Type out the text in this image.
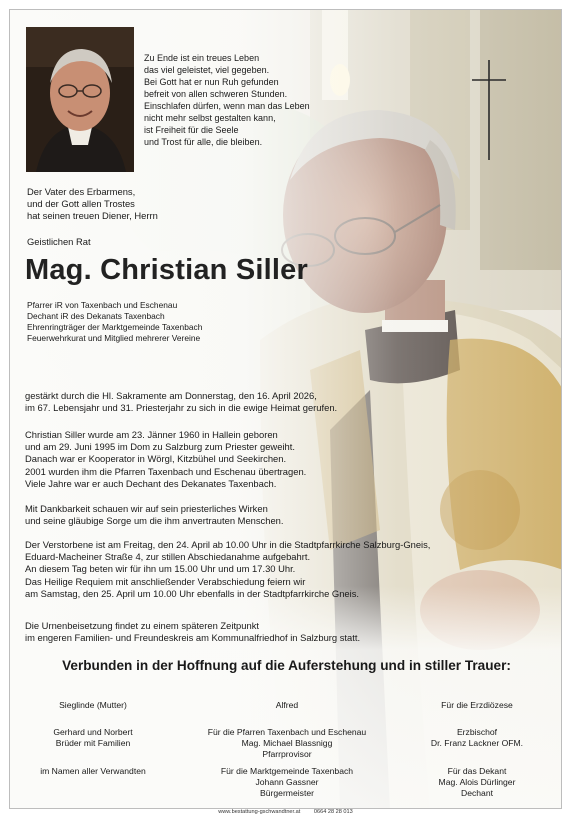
Zu Ende ist ein treues Leben
das viel geleistet, viel gegeben.
Bei Gott hat er nun Ruh gefunden
befreit von allen schweren Stunden.
Einschlafen dürfen, wenn man das Leben
nicht mehr selbst gestalten kann,
ist Freiheit für die Seele
und Trost für alle, die bleiben.
Der Vater des Erbarmens,
und der Gott allen Trostes
hat seinen treuen Diener, Herrn
Geistlichen Rat
Mag. Christian Siller
Pfarrer iR von Taxenbach und Eschenau
Dechant iR des Dekanats Taxenbach
Ehrenringträger der Marktgemeinde Taxenbach
Feuerwehrkurat und Mitglied mehrerer Vereine
gestärkt durch die Hl. Sakramente am Donnerstag, den 16. April 2026,
im 67. Lebensjahr und 31. Priesterjahr zu sich in die ewige Heimat gerufen.
Christian Siller wurde am 23. Jänner 1960 in Hallein geboren
und am 29. Juni 1995 im Dom zu Salzburg zum Priester geweiht.
Danach war er Kooperator in Wörgl, Kitzbühel und Seekirchen.
2001 wurden ihm die Pfarren Taxenbach und Eschenau übertragen.
Viele Jahre war er auch Dechant des Dekanates Taxenbach.
Mit Dankbarkeit schauen wir auf sein priesterliches Wirken
und seine gläubige Sorge um die ihm anvertrauten Menschen.
Der Verstorbene ist am Freitag, den 24. April ab 10.00 Uhr in die Stadtpfarrkirche Salzburg-Gneis,
Eduard-Macheiner Straße 4, zur stillen Abschiedanahme aufgebahrt.
An diesem Tag beten wir für ihn um 15.00 Uhr und um 17.30 Uhr.
Das Heilige Requiem mit anschließender Verabschiedung feiern wir
am Samstag, den 25. April um 10.00 Uhr ebenfalls in der Stadtpfarrkirche Gneis.
Die Urnenbeisetzung findet zu einem späteren Zeitpunkt
im engeren Familien- und Freundeskreis am Kommunalfriedhof in Salzburg statt.
Verbunden in der Hoffnung auf die Auferstehung und in stiller Trauer:
Sieglinde (Mutter)
Gerhard und Norbert
Brüder mit Familien
im Namen aller Verwandten
Alfred
Für die Pfarren Taxenbach und Eschenau
Mag. Michael Blassnigg
Pfarrprovisor
Für die Marktgemeinde Taxenbach
Johann Gassner
Bürgermeister
Für die Erzdiözese
Erzbischof
Dr. Franz Lackner OFM.
Für das Dekant
Mag. Alois Dürlinger
Dechant
www.bestattung-gschwandtner.at 0664 28 28 013
